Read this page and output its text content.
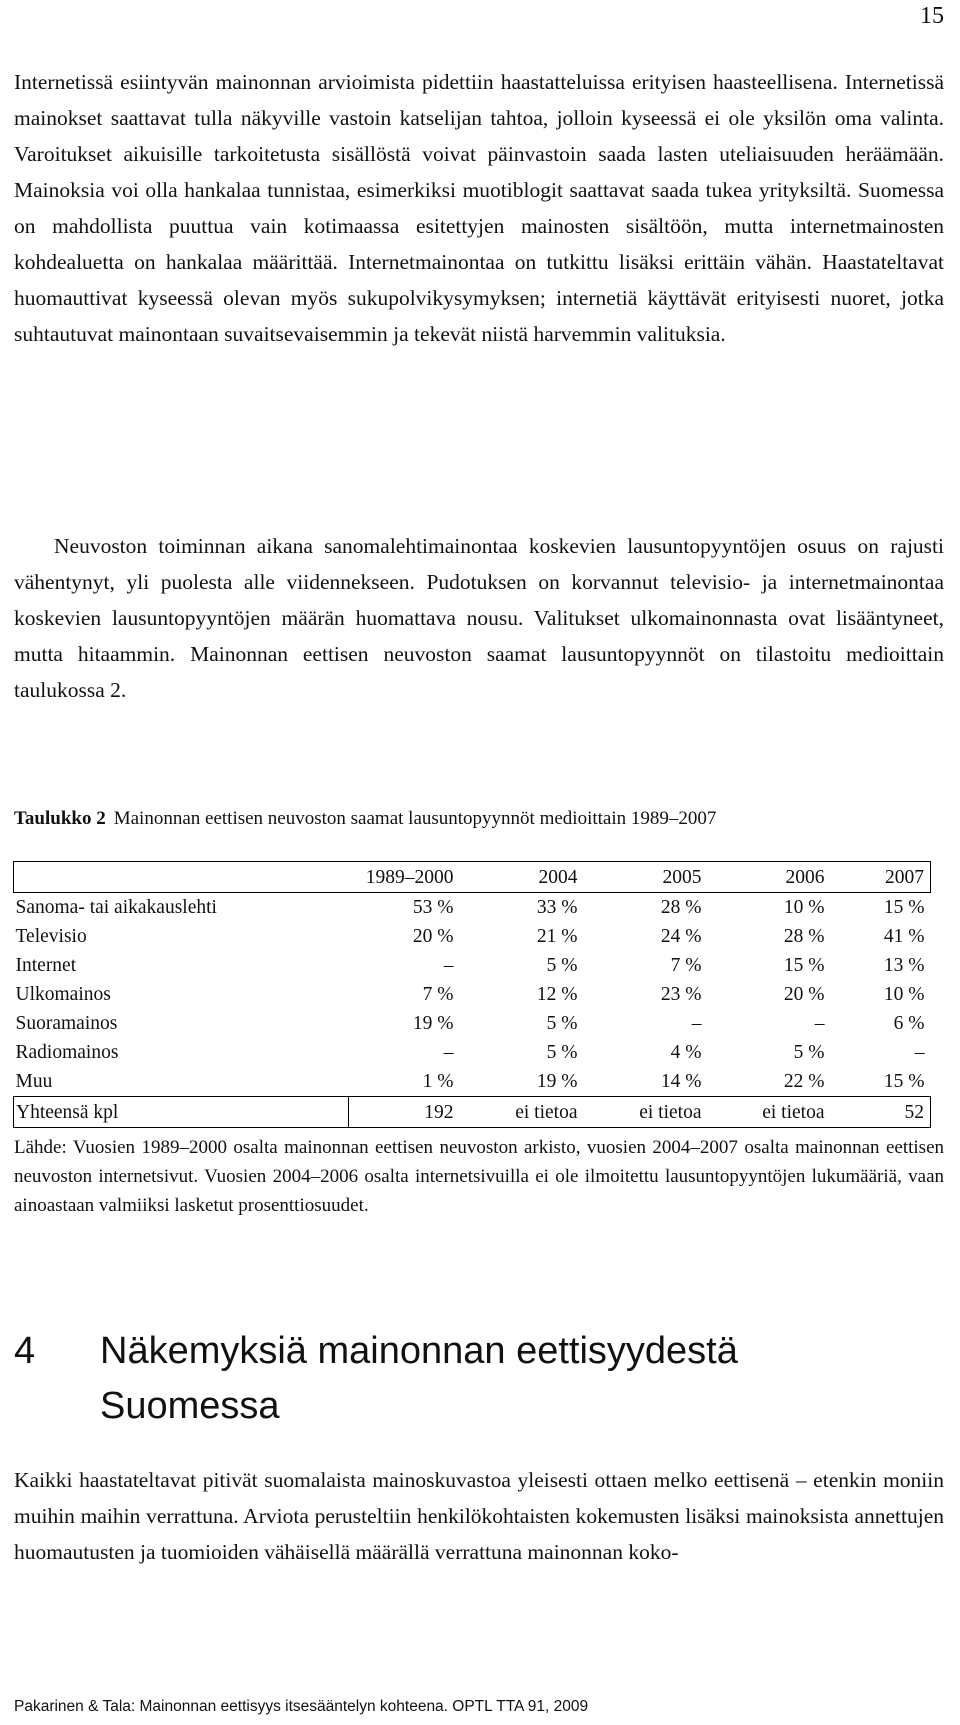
15

Internetissä esiintyvän mainonnan arvioimista pidettiin haastatteluissa erityisen haasteellisena. Internetissä mainokset saattavat tulla näkyville vastoin katselijan tahtoa, jolloin kyseessä ei ole yksilön oma valinta. Varoitukset aikuisille tarkoitetusta sisällöstä voivat päinvastoin saada lasten uteliaisuuden heräämään. Mainoksia voi olla hankalaa tunnistaa, esimerkiksi muotiblogit saattavat saada tukea yrityksiltä. Suomessa on mahdollista puuttua vain kotimaassa esitettyjen mainosten sisältöön, mutta internetmainosten kohdealuetta on hankalaa määrittää. Internetmainontaa on tutkittu lisäksi erittäin vähän. Haastateltavat huomauttivat kyseessä olevan myös sukupolvikysymyksen; internetiä käyttävät erityisesti nuoret, jotka suhtautuvat mainontaan suvaitsevaisemmin ja tekevät niistä harvemmin valituksia.

Neuvoston toiminnan aikana sanomalehtimainontaa koskevien lausuntopyyntöjen osuus on rajusti vähentynyt, yli puolesta alle viidennekseen. Pudotuksen on korvannut televisio- ja internetmainontaa koskevien lausuntopyyntöjen määrän huomattava nousu. Valitukset ulkomainonnasta ovat lisääntyneet, mutta hitaammin. Mainonnan eettisen neuvoston saamat lausuntopyynnöt on tilastoitu medioittain taulukossa 2.

Taulukko 2 Mainonnan eettisen neuvoston saamat lausuntopyynnöt medioittain 1989–2007
	1989–2000	2004	2005	2006	2007
Sanoma- tai aikakauslehti	53 %	33 %	28 %	10 %	15 %
Televisio	20 %	21 %	24 %	28 %	41 %
Internet	–	5 %	7 %	15 %	13 %
Ulkomainos	7 %	12 %	23 %	20 %	10 %
Suoramainos	19 %	5 %	–	–	6 %
Radiomainos	–	5 %	4 %	5 %	–
Muu	1 %	19 %	14 %	22 %	15 %
Yhteensä kpl	192	ei tietoa	ei tietoa	ei tietoa	52

Lähde: Vuosien 1989–2000 osalta mainonnan eettisen neuvoston arkisto, vuosien 2004–2007 osalta mainonnan eettisen neuvoston internetsivut. Vuosien 2004–2006 osalta internetsivuilla ei ole ilmoitettu lausuntopyyntöjen lukumääriä, vaan ainoastaan valmiiksi lasketut prosenttiosuudet.

4 Näkemyksiä mainonnan eettisyydestä Suomessa

Kaikki haastateltavat pitivät suomalaista mainoskuvastoa yleisesti ottaen melko eettisenä – etenkin moniin muihin maihin verrattuna. Arviota perusteltiin henkilökohtaisten kokemusten lisäksi mainoksista annettujen huomautusten ja tuomioiden vähäisellä määrällä verrattuna mainonnan koko-

Pakarinen & Tala: Mainonnan eettisyys itsesääntelyn kohteena. OPTL TTA 91, 2009
